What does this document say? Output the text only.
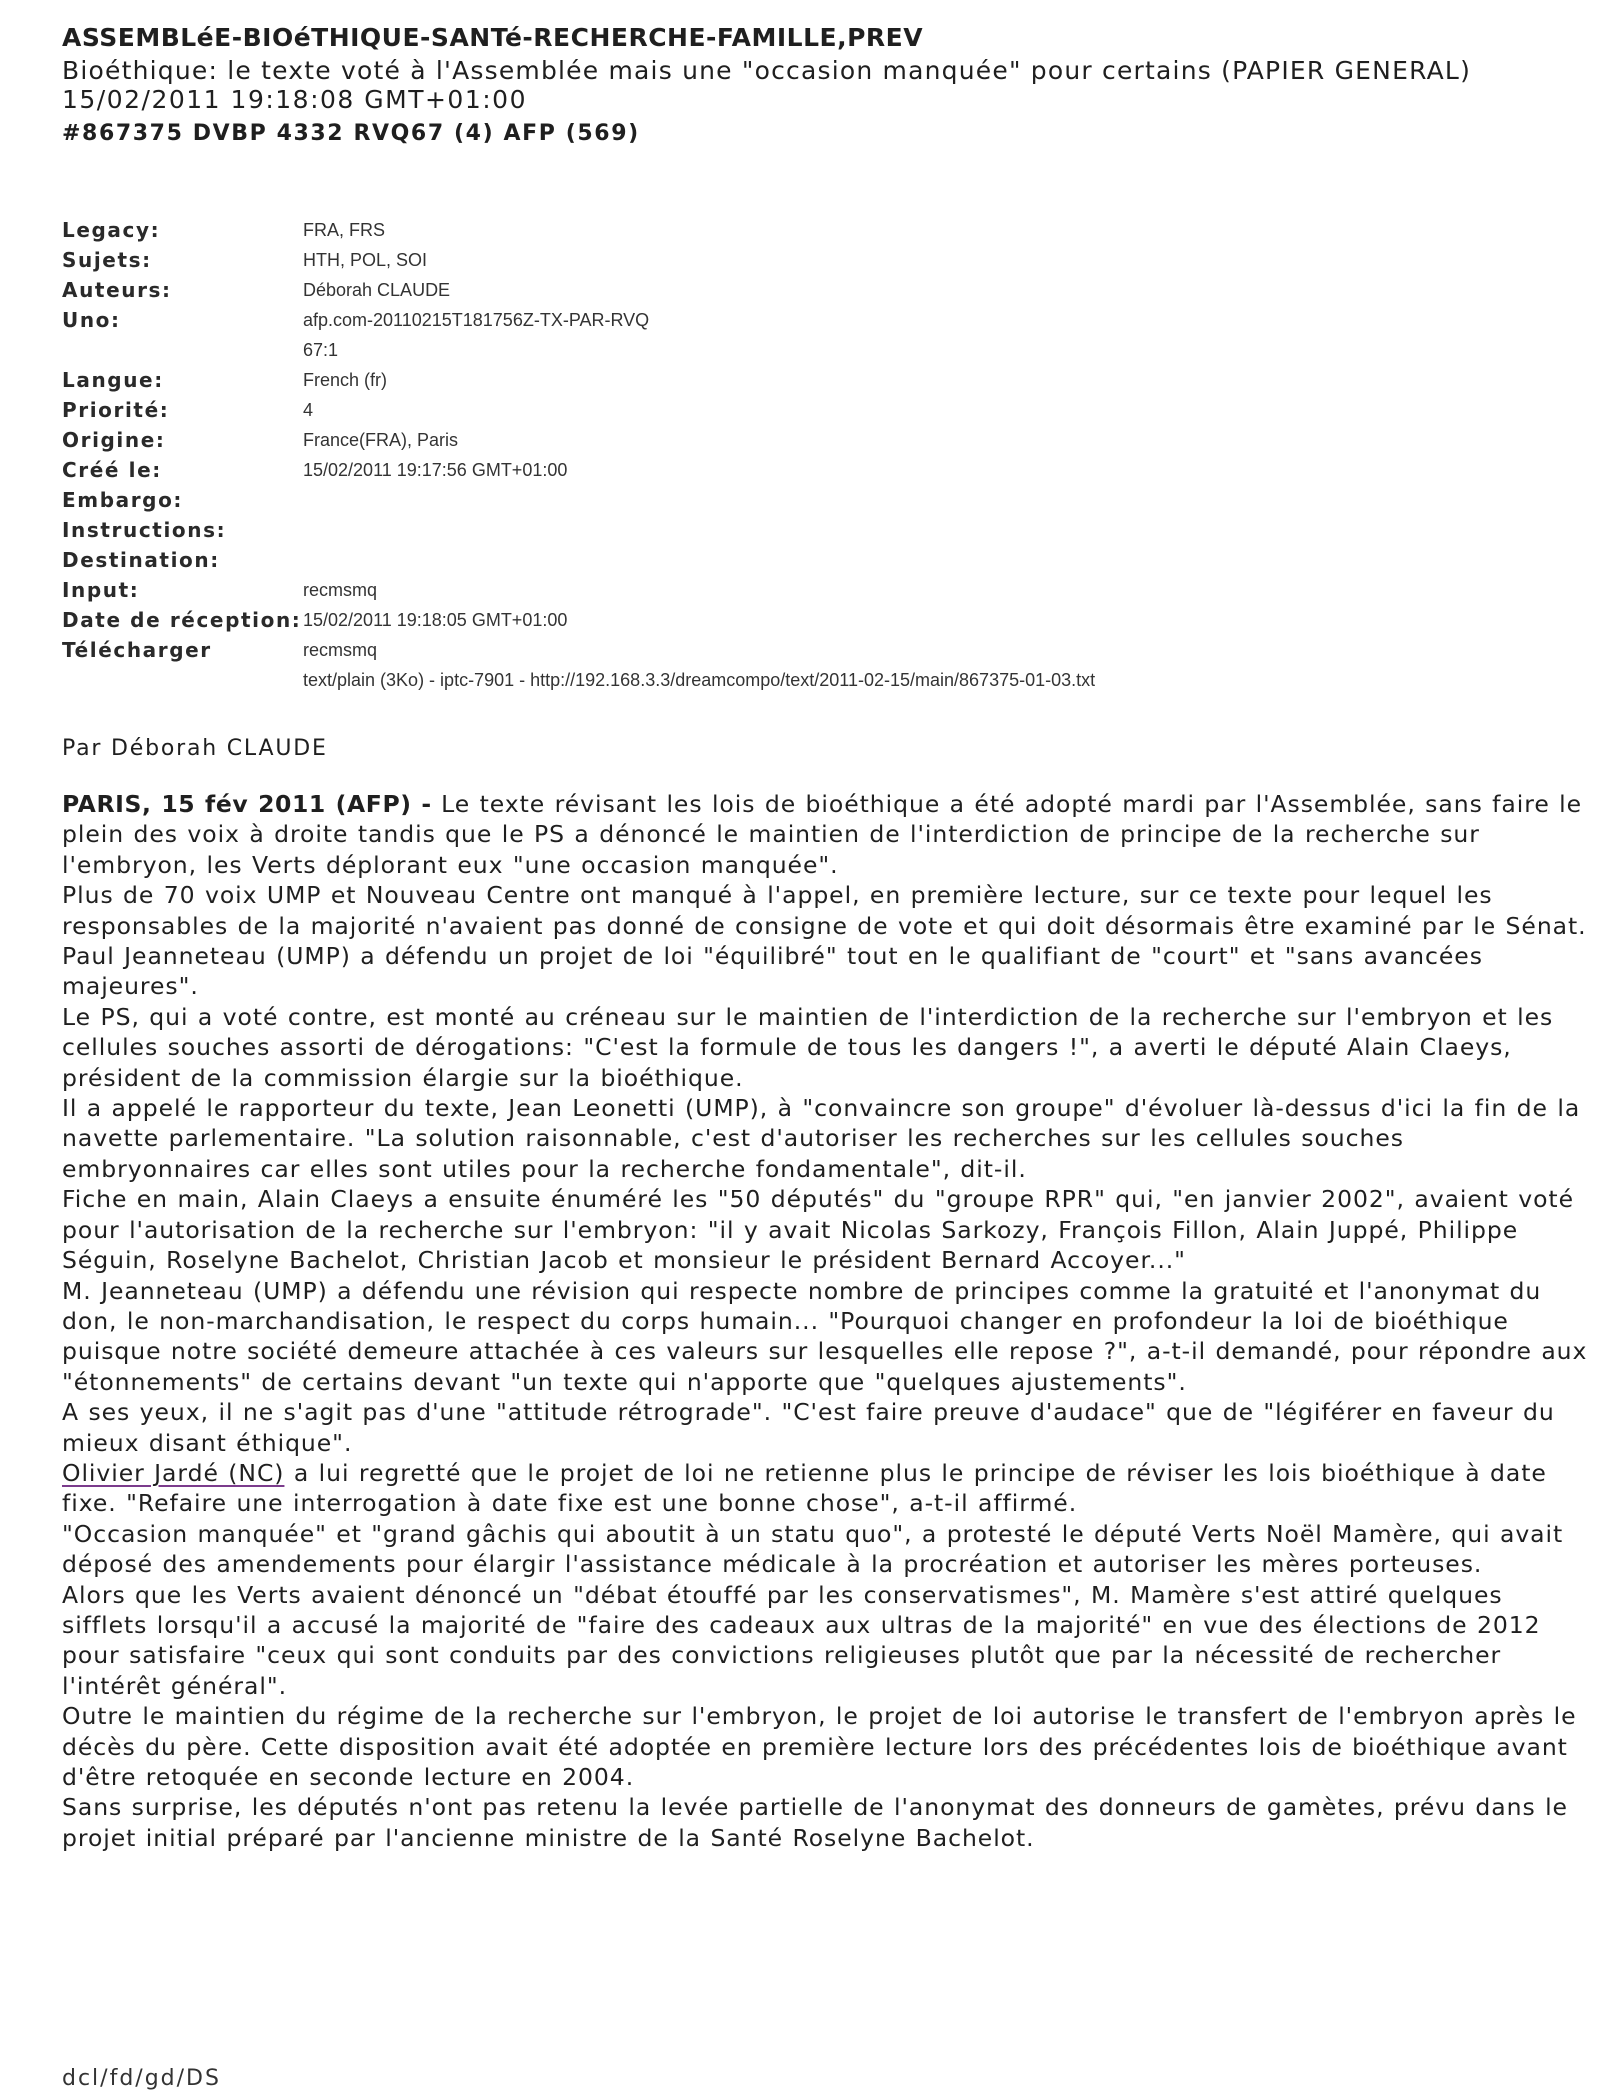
ASSEMBLéE-BIOéTHIQUE-SANTé-RECHERCHE-FAMILLE,PREV
Bioéthique: le texte voté à l'Assemblée mais une "occasion manquée" pour certains (PAPIER GENERAL)
15/02/2011 19:18:08 GMT+01:00
#867375 DVBP 4332 RVQ67 (4) AFP (569)
Legacy:	FRA, FRS
Sujets:	HTH, POL, SOI
Auteurs:	Déborah CLAUDE
Uno:	afp.com-20110215T181756Z-TX-PAR-RVQ
67:1
Langue:	French (fr)
Priorité:	4
Origine:	France(FRA), Paris
Créé le:	15/02/2011 19:17:56 GMT+01:00
Embargo:
Instructions:
Destination:
Input:	recmsmq
Date de réception: 15/02/2011 19:18:05 GMT+01:00
Télécharger	recmsmq
text/plain (3Ko) - iptc-7901 - http://192.168.3.3/dreamcompo/text/2011-02-15/main/867375-01-03.txt
Par Déborah CLAUDE

PARIS, 15 fév 2011 (AFP) - Le texte révisant les lois de bioéthique a été adopté mardi par l'Assemblée, sans faire le plein des voix à droite tandis que le PS a dénoncé le maintien de l'interdiction de principe de la recherche sur l'embryon, les Verts déplorant eux "une occasion manquée".

Plus de 70 voix UMP et Nouveau Centre ont manqué à l'appel, en première lecture, sur ce texte pour lequel les responsables de la majorité n'avaient pas donné de consigne de vote et qui doit désormais être examiné par le Sénat.

Paul Jeanneteau (UMP) a défendu un projet de loi "équilibré" tout en le qualifiant de "court" et "sans avancées majeures".

Le PS, qui a voté contre, est monté au créneau sur le maintien de l'interdiction de la recherche sur l'embryon et les cellules souches assorti de dérogations: "C'est la formule de tous les dangers !", a averti le député Alain Claeys, président de la commission élargie sur la bioéthique.

Il a appelé le rapporteur du texte, Jean Leonetti (UMP), à "convaincre son groupe" d'évoluer là-dessus d'ici la fin de la navette parlementaire. "La solution raisonnable, c'est d'autoriser les recherches sur les cellules souches embryonnaires car elles sont utiles pour la recherche fondamentale", dit-il.

Fiche en main, Alain Claeys a ensuite énuméré les "50 députés" du "groupe RPR" qui, "en janvier 2002", avaient voté pour l'autorisation de la recherche sur l'embryon: "il y avait Nicolas Sarkozy, François Fillon, Alain Juppé, Philippe Séguin, Roselyne Bachelot, Christian Jacob et monsieur le président Bernard Accoyer..."

M. Jeanneteau (UMP) a défendu une révision qui respecte nombre de principes comme la gratuité et l'anonymat du don, le non-marchandisation, le respect du corps humain... "Pourquoi changer en profondeur la loi de bioéthique puisque notre société demeure attachée à ces valeurs sur lesquelles elle repose ?", a-t-il demandé, pour répondre aux "étonnements" de certains devant "un texte qui n'apporte que "quelques ajustements".

A ses yeux, il ne s'agit pas d'une "attitude rétrograde". "C'est faire preuve d'audace" que de "légiférer en faveur du mieux disant éthique".

Olivier Jardé (NC) a lui regretté que le projet de loi ne retienne plus le principe de réviser les lois bioéthique à date fixe. "Refaire une interrogation à date fixe est une bonne chose", a-t-il affirmé.

"Occasion manquée" et "grand gâchis qui aboutit à un statu quo", a protesté le député Verts Noël Mamère, qui avait déposé des amendements pour élargir l'assistance médicale à la procréation et autoriser les mères porteuses.

Alors que les Verts avaient dénoncé un "débat étouffé par les conservatismes", M. Mamère s'est attiré quelques sifflets lorsqu'il a accusé la majorité de "faire des cadeaux aux ultras de la majorité" en vue des élections de 2012 pour satisfaire "ceux qui sont conduits par des convictions religieuses plutôt que par la nécessité de rechercher l'intérêt général".

Outre le maintien du régime de la recherche sur l'embryon, le projet de loi autorise le transfert de l'embryon après le décès du père. Cette disposition avait été adoptée en première lecture lors des précédentes lois de bioéthique avant d'être retoquée en seconde lecture en 2004.

Sans surprise, les députés n'ont pas retenu la levée partielle de l'anonymat des donneurs de gamètes, prévu dans le projet initial préparé par l'ancienne ministre de la Santé Roselyne Bachelot.

dcl/fd/gd/DS
